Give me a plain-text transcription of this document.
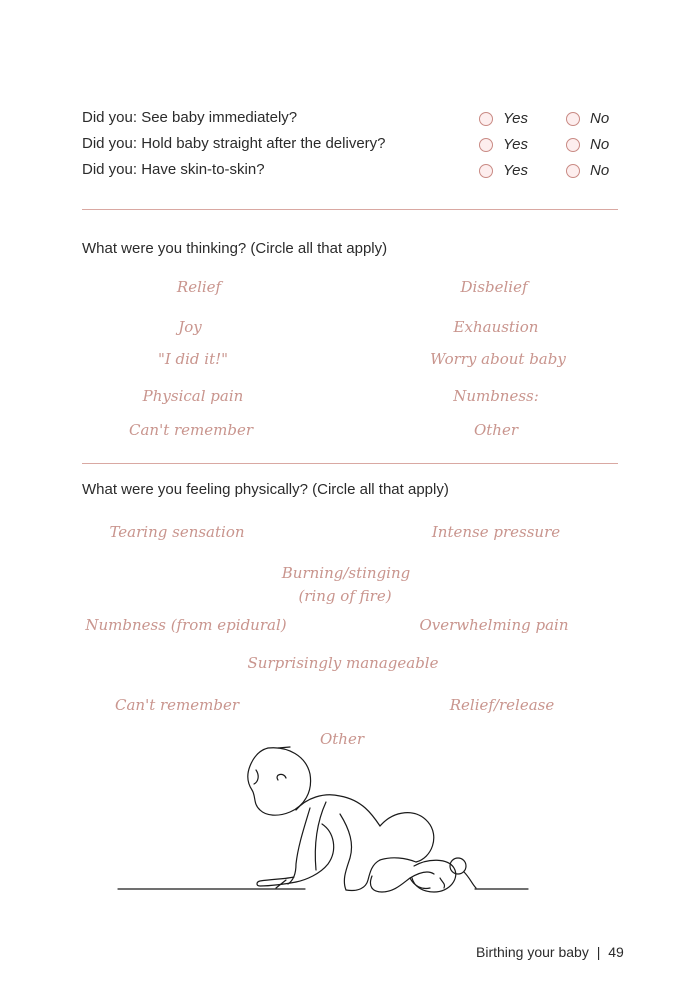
Did you: See baby immediately?	Yes	No
Did you: Hold baby straight after the delivery?	Yes	No
Did you: Have skin-to-skin?	Yes	No
What were you thinking? (Circle all that apply)
Relief	Disbelief
Joy	Exhaustion
"I did it!"	Worry about baby
Physical pain	Numbness:
Can't remember	Other
What were you feeling physically? (Circle all that apply)
Tearing sensation	Intense pressure
Burning/stinging
(ring of fire)
Numbness (from epidural)	Overwhelming pain
Surprisingly manageable
Can't remember	Relief/release
Other
Birthing your baby | 49
